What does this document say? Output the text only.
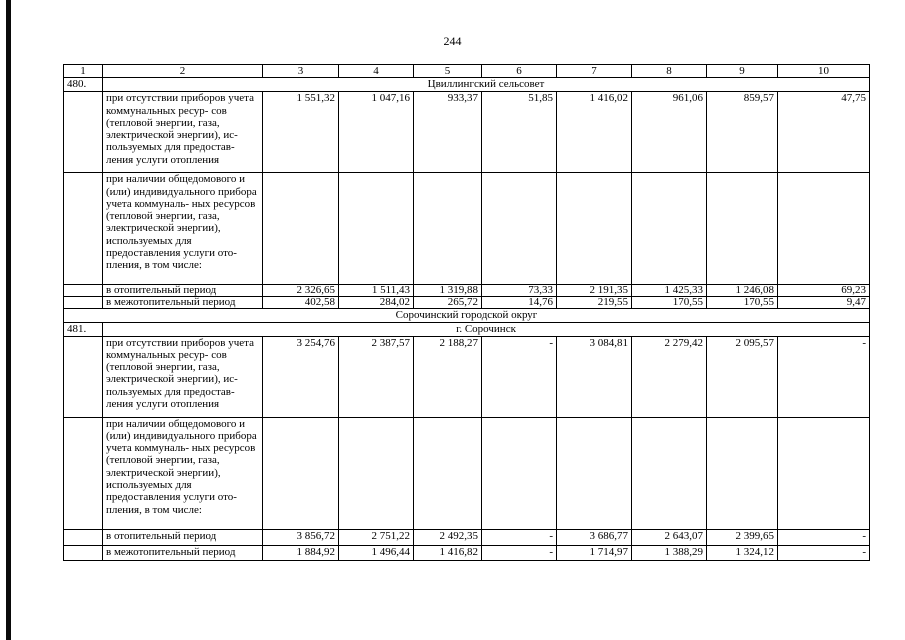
244
1	2	3	4	5	6	7	8	9	10
480.	Цвиллингский сельсовет								
	при отсутствии приборов учета коммунальных ресур- сов (тепловой энергии, газа, электрической энергии), ис- пользуемых для предостав- ления услуги отопления	1 551,32	1 047,16	933,37	51,85	1 416,02	961,06	859,57	47,75
	при наличии общедомового и (или) индивидуального прибора учета коммуналь- ных ресурсов (тепловой энергии, газа, электрической энергии), используемых для предоставления услуги ото- пления, в том числе:								
	в отопительный период	2 326,65	1 511,43	1 319,88	73,33	2 191,35	1 425,33	1 246,08	69,23
	в межотопительный период	402,58	284,02	265,72	14,76	219,55	170,55	170,55	9,47
Сорочинский городской округ									
481.	г. Сорочинск								
	при отсутствии приборов учета коммунальных ресур- сов (тепловой энергии, газа, электрической энергии), ис- пользуемых для предостав- ления услуги отопления	3 254,76	2 387,57	2 188,27	-	3 084,81	2 279,42	2 095,57	-
	при наличии общедомового и (или) индивидуального прибора учета коммуналь- ных ресурсов (тепловой энергии, газа, электрической энергии), используемых для предоставления услуги ото- пления, в том числе:								
	в отопительный период	3 856,72	2 751,22	2 492,35	-	3 686,77	2 643,07	2 399,65	-
	в межотопительный период	1 884,92	1 496,44	1 416,82	-	1 714,97	1 388,29	1 324,12	-
